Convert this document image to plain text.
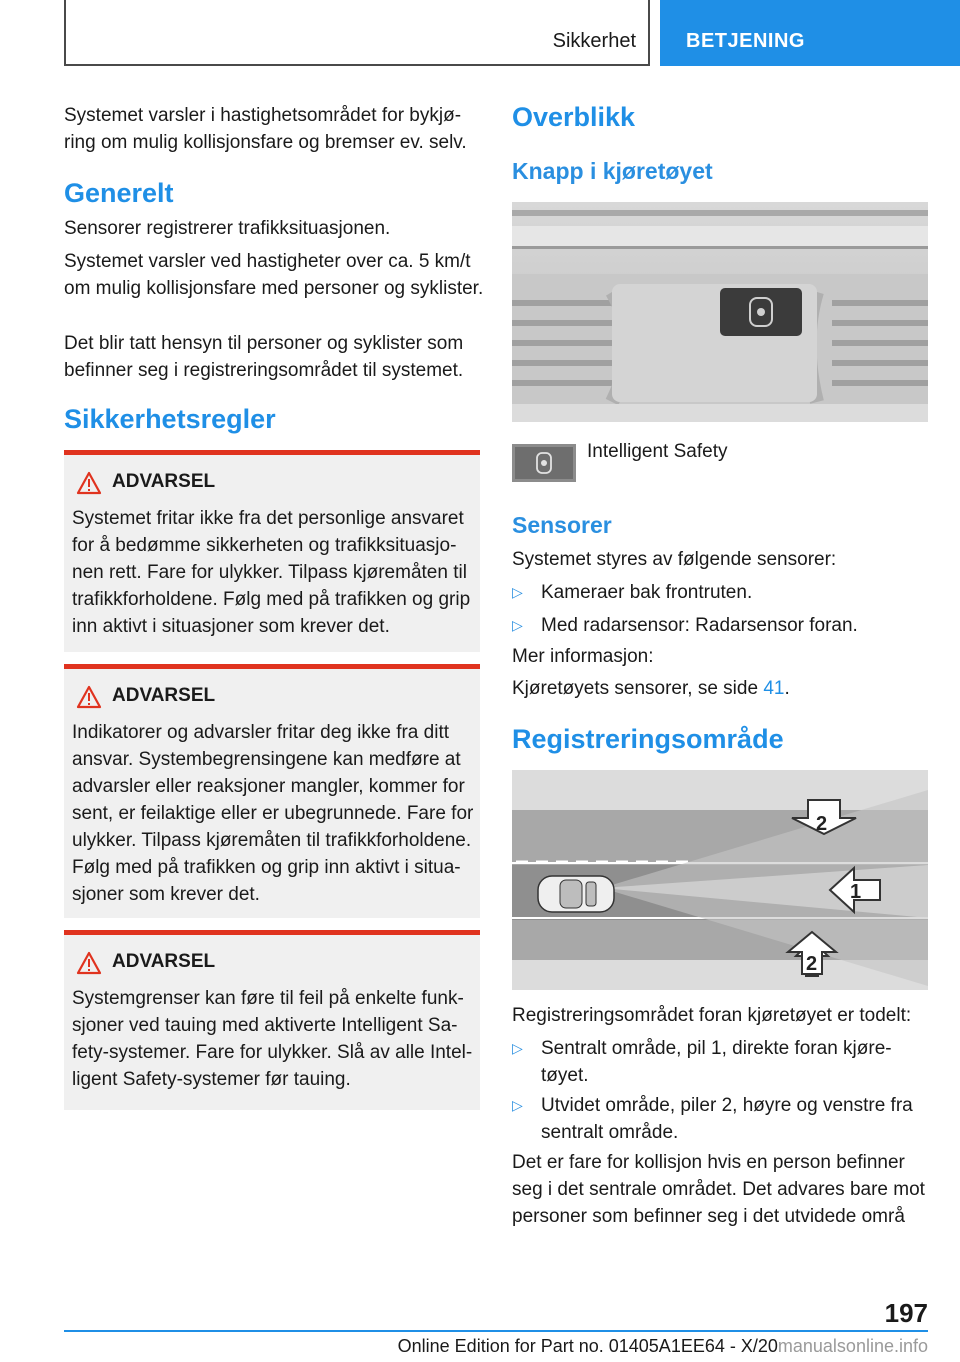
Sikkerhet	BETJENING

Systemet varsler i hastighetsområdet for bykjøring om mulig kollisjonsfare og bremser ev. selv.

Generelt

Sensorer registrerer trafikksituasjonen.

Systemet varsler ved hastigheter over ca. 5 km/t om mulig kollisjonsfare med personer og syklister.

Det blir tatt hensyn til personer og syklister som befinner seg i registreringsområdet til systemet.

Sikkerhetsregler
ADVARSEL

Systemet fritar ikke fra det personlige ansvaret for å bedømme sikkerheten og trafikksituasjonen rett. Fare for ulykker. Tilpass kjøremåten til trafikkforholdene. Følg med på trafikken og grip inn aktivt i situasjoner som krever det.

ADVARSEL

Indikatorer og advarsler fritar deg ikke fra ditt ansvar. Systembegrensingene kan medføre at advarsler eller reaksjoner mangler, kommer for sent, er feilaktige eller er ubegrunnede. Fare for ulykker. Tilpass kjøremåten til trafikkforholdene. Følg med på trafikken og grip inn aktivt i situasjoner som krever det.

ADVARSEL

Systemgrenser kan føre til feil på enkelte funksjoner ved tauing med aktiverte Intelligent Safety-systemer. Fare for ulykker. Slå av alle Intelligent Safety-systemer før tauing.

Overblikk
Knapp i kjøretøyet

Intelligent Safety

Sensorer

Systemet styres av følgende sensorer:

▷ Kameraer bak frontruten.
▷ Med radarsensor: Radarsensor foran.

Mer informasjon:

Kjøretøyets sensorer, se side 41.

Registreringsområde
2
1
2

Registreringsområdet foran kjøretøyet er todelt:

▷ Sentralt område, pil 1, direkte foran kjøretøyet.
▷ Utvidet område, piler 2, høyre og venstre fra sentralt område.

Det er fare for kollisjon hvis en person befinner seg i det sentrale området. Det advares bare mot personer som befinner seg i det utvidede områ

197
Online Edition for Part no. 01405A1EE64 - X/20manualsonline.info
